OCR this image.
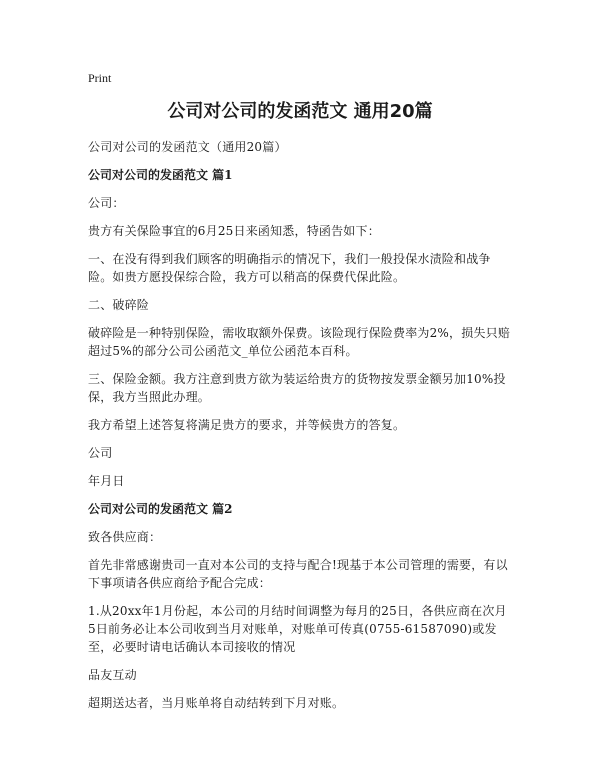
Print
公司对公司的发函范文 通用20篇
公司对公司的发函范文（通用20篇）
公司对公司的发函范文 篇1
公司：
贵方有关保险事宜的6月25日来函知悉，特函告如下：
一、在没有得到我们顾客的明确指示的情况下，我们一般投保水渍险和战争险。如贵方愿投保综合险，我方可以稍高的保费代保此险。
二、破碎险
破碎险是一种特别保险，需收取额外保费。该险现行保险费率为2%，损失只赔超过5%的部分公司公函范文_单位公函范本百科。
三、保险金额。我方注意到贵方欲为装运给贵方的货物按发票金额另加10%投保，我方当照此办理。
我方希望上述答复将满足贵方的要求，并等候贵方的答复。
公司
年月日
公司对公司的发函范文 篇2
致各供应商：
首先非常感谢贵司一直对本公司的支持与配合!现基于本公司管理的需要，有以下事项请各供应商给予配合完成：
1.从20xx年1月份起，本公司的月结时间调整为每月的25日，各供应商在次月5日前务必让本公司收到当月对账单，对账单可传真(0755-61587090)或发至，必要时请电话确认本司接收的情况
品友互动
超期送达者，当月账单将自动结转到下月对账。
